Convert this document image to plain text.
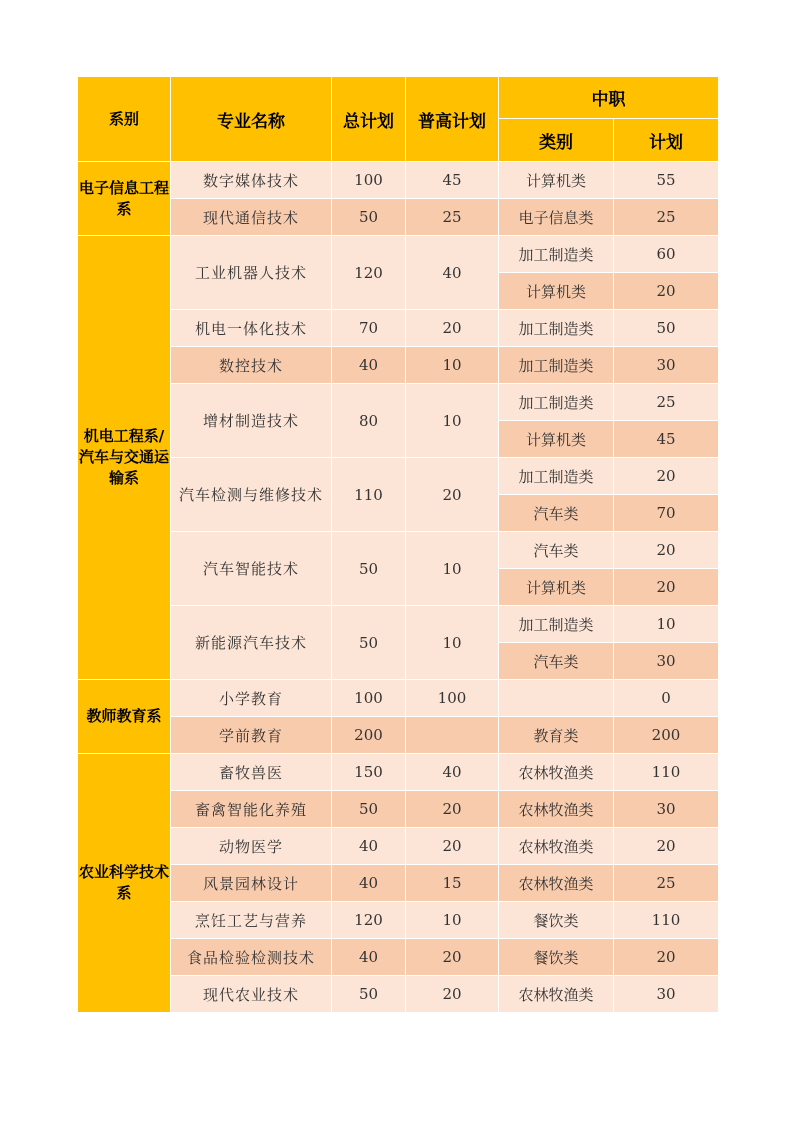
系别	专业名称	总计划	普高计划	中职	
				类别	计划
电子信息工程系	数字媒体技术	100	45	计算机类	55
	现代通信技术	50	25	电子信息类	25
机电工程系/汽车与交通运输系	工业机器人技术	120	40	加工制造类	60
				计算机类	20
	机电一体化技术	70	20	加工制造类	50
	数控技术	40	10	加工制造类	30
	增材制造技术	80	10	加工制造类	25
				计算机类	45
	汽车检测与维修技术	110	20	加工制造类	20
				汽车类	70
	汽车智能技术	50	10	汽车类	20
				计算机类	20
	新能源汽车技术	50	10	加工制造类	10
				汽车类	30
教师教育系	小学教育	100	100		0
	学前教育	200		教育类	200
农业科学技术系	畜牧兽医	150	40	农林牧渔类	110
	畜禽智能化养殖	50	20	农林牧渔类	30
	动物医学	40	20	农林牧渔类	20
	风景园林设计	40	15	农林牧渔类	25
	烹饪工艺与营养	120	10	餐饮类	110
	食品检验检测技术	40	20	餐饮类	20
	现代农业技术	50	20	农林牧渔类	30
